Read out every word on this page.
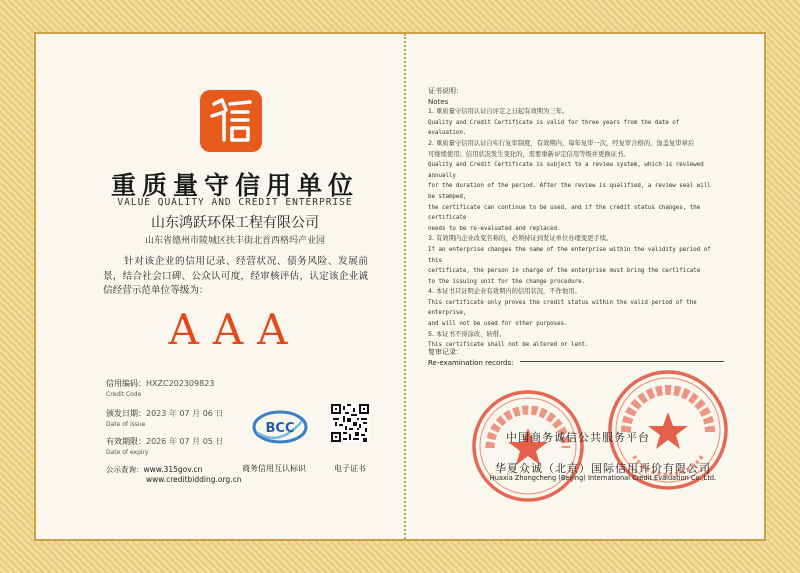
重质量守信用单位
VALUE QUALITY AND CREDIT ENTERPRISE
山东鸿跃环保工程有限公司
山东省德州市陵城区扶丰街北首西格玛产业园
针对该企业的信用记录、经营状况、债务风险、发展前景，结合社会口碑、公众认可度，经审核评估，认定该企业诚信经营示范单位等级为：
AAA
信用编码：HXZC202309823
Credit Code
颁发日期：2023 年 07 月 06 日
Date of issue
有效期限：2026 年 07 月 05 日
Date of expiry
公示查询：www.315gov.cn
www.creditbidding.org.cn
BCC
商务信用互认标识	电子证书
证书说明：
Notes
1. 重质量守信用认证自评定之日起有效期为三年。
Quality and Credit Certificate is valid for three years from the date of evaluation.
2. 重质量守信用认证自实行复审制度，有效期内，每年复审一次，经复审合格的，加盖复审章后
可继续使用；信用状况发生变化的，需要重新评定信用等级并更换证书。
Quality and Credit Certificate is subject to a review system, which is reviewed annually
for the duration of the period. After the review is qualified, a review seal will be stamped,
the certificate can continue to be used, and if the credit status changes, the certificate
needs to be re-evaluated and replaced.
3. 有效期内企业改变名称的，必须持证到发证单位办理变更手续。
If an enterprise changes the name of the enterprise within the validity period of this
certificate, the person in charge of the enterprise must bring the certificate
to the issuing unit for the change procedure.
4. 本证书只证明企业有效期内的信用状况，不作他用。
This certificate only proves the credit status within the valid period of the enterprise,
and will not be used for other purposes.
5. 本证书不得涂改、转借。
This certificate shall not be altered or lent.
复审记录：
Re-examination records:
中国商务诚信公共服务平台
华夏众诚（北京）国际信用评价有限公司
Huaxia Zhongcheng (Beijing) International Credit Evaluation Co.,Ltd.
